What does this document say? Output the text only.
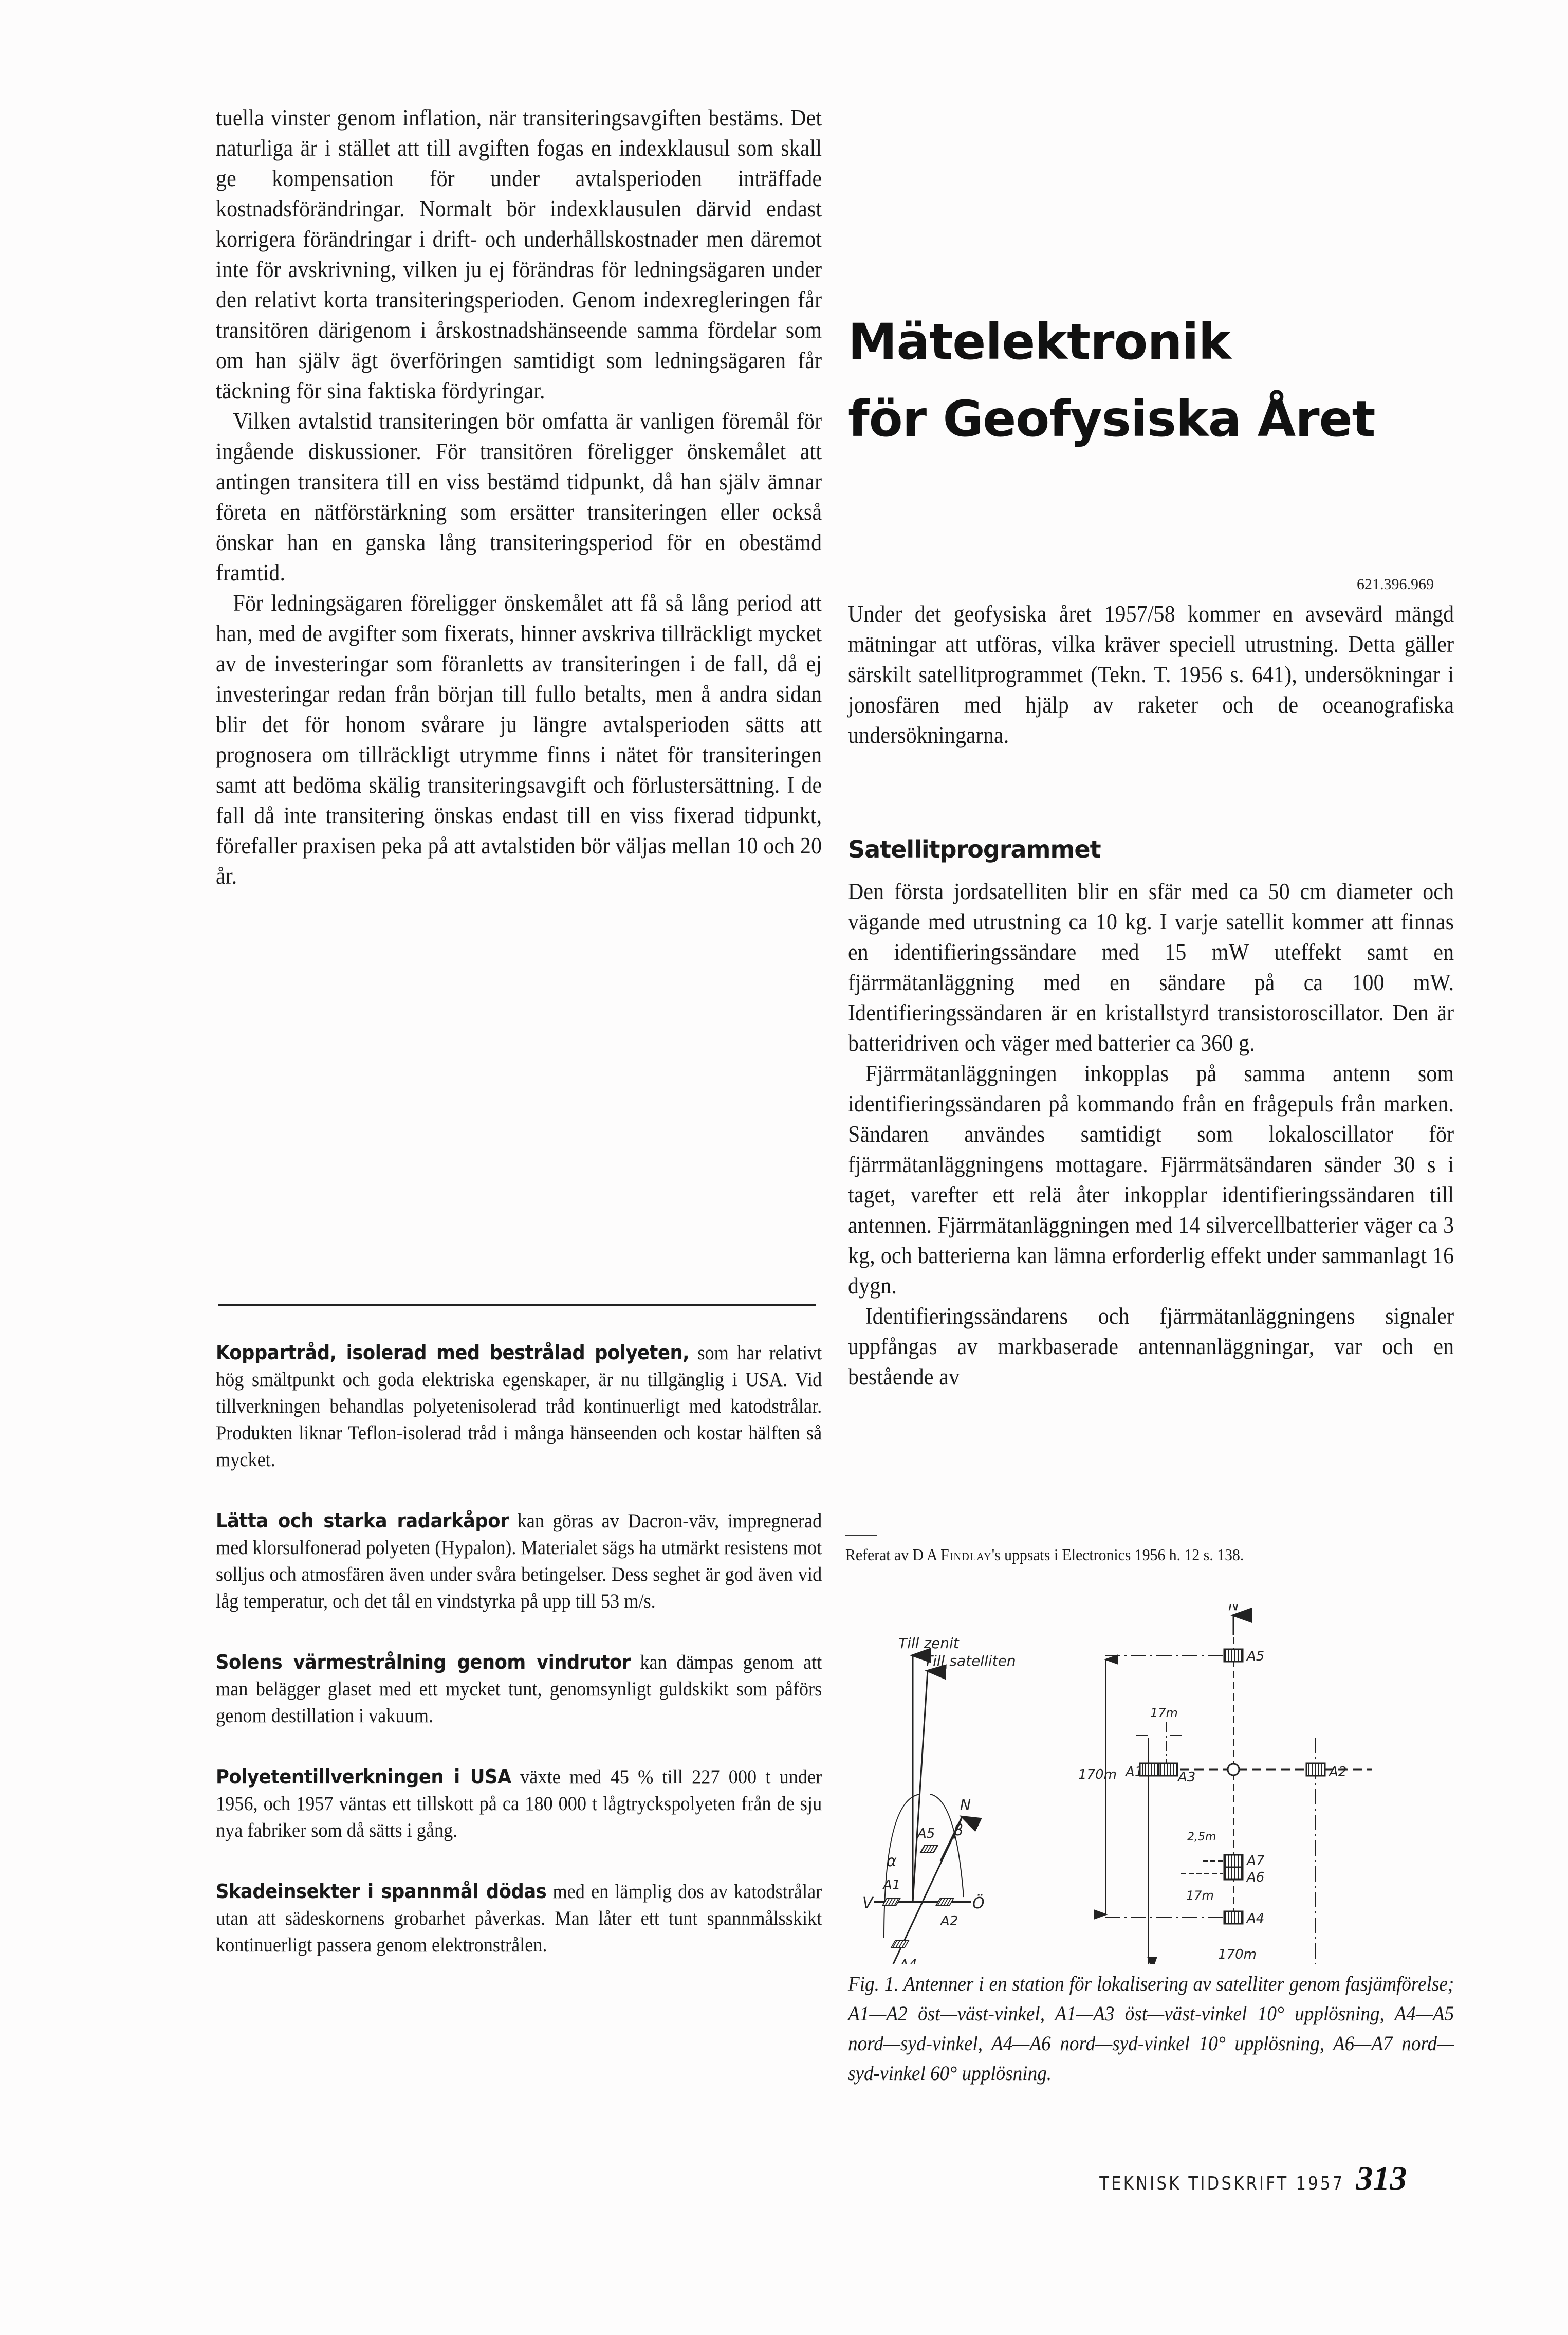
tuella vinster genom inflation, när transiteringsavgiften bestäms. Det naturliga är i stället att till avgiften fogas en indexklausul som skall ge kompensation för under avtalsperioden inträffade kostnadsförändringar. Normalt bör indexklausulen därvid endast korrigera förändringar i drift- och underhållskostnader men däremot inte för avskrivning, vilken ju ej förändras för ledningsägaren under den relativt korta transiteringsperioden. Genom indexregleringen får transitören därigenom i årskostnadshänseende samma fördelar som om han själv ägt överföringen samtidigt som ledningsägaren får täckning för sina faktiska fördyringar.

Vilken avtalstid transiteringen bör omfatta är vanligen föremål för ingående diskussioner. För transitören föreligger önskemålet att antingen transitera till en viss bestämd tidpunkt, då han själv ämnar företa en nätförstärkning som ersätter transiteringen eller också önskar han en ganska lång transiteringsperiod för en obestämd framtid.

För ledningsägaren föreligger önskemålet att få så lång period att han, med de avgifter som fixerats, hinner avskriva tillräckligt mycket av de investeringar som föranletts av transiteringen i de fall, då ej investeringar redan från början till fullo betalts, men å andra sidan blir det för honom svårare ju längre avtalsperioden sätts att prognosera om tillräckligt utrymme finns i nätet för transiteringen samt att bedöma skälig transiteringsavgift och förlustersättning. I de fall då inte transitering önskas endast till en viss fixerad tidpunkt, förefaller praxisen peka på att avtalstiden bör väljas mellan 10 och 20 år.

Koppartråd, isolerad med bestrålad polyeten, som har relativt hög smältpunkt och goda elektriska egenskaper, är nu tillgänglig i USA. Vid tillverkningen behandlas polyetenisolerad tråd kontinuerligt med katodstrålar. Produkten liknar Teflon-isolerad tråd i många hänseenden och kostar hälften så mycket.

Lätta och starka radarkåpor kan göras av Dacron-väv, impregnerad med klorsulfonerad polyeten (Hypalon). Materialet sägs ha utmärkt resistens mot solljus och atmosfären även under svåra betingelser. Dess seghet är god även vid låg temperatur, och det tål en vindstyrka på upp till 53 m/s.

Solens värmestrålning genom vindrutor kan dämpas genom att man belägger glaset med ett mycket tunt, genomsynligt guldskikt som påförs genom destillation i vakuum.

Polyetentillverkningen i USA växte med 45 % till 227 000 t under 1956, och 1957 väntas ett tillskott på ca 180 000 t lågtryckspolyeten från de sju nya fabriker som då sätts i gång.

Skadeinsekter i spannmål dödas med en lämplig dos av katodstrålar utan att sädeskornens grobarhet påverkas. Man låter ett tunt spannmålsskikt kontinuerligt passera genom elektronstrålen.

Mätelektronik
för Geofysiska Året
621.396.969

Under det geofysiska året 1957/58 kommer en avsevärd mängd mätningar att utföras, vilka kräver speciell utrustning. Detta gäller särskilt satellitprogrammet (Tekn. T. 1956 s. 641), undersökningar i jonosfären med hjälp av raketer och de oceanografiska undersökningarna.

Satellitprogrammet

Den första jordsatelliten blir en sfär med ca 50 cm diameter och vägande med utrustning ca 10 kg. I varje satellit kommer att finnas en identifieringssändare med 15 mW uteffekt samt en fjärrmätanläggning med en sändare på ca 100 mW. Identifieringssändaren är en kristallstyrd transistoroscillator. Den är batteridriven och väger med batterier ca 360 g.

Fjärrmätanläggningen inkopplas på samma antenn som identifieringssändaren på kommando från en frågepuls från marken. Sändaren användes samtidigt som lokaloscillator för fjärrmätanläggningens mottagare. Fjärrmätsändaren sänder 30 s i taget, varefter ett relä åter inkopplar identifieringssändaren till antennen. Fjärrmätanläggningen med 14 silvercellbatterier väger ca 3 kg, och batterierna kan lämna erforderlig effekt under sammanlagt 16 dygn.

Identifieringssändarens och fjärrmätanläggningens signaler uppfångas av markbaserade antennanläggningar, var och en bestående av

Referat av D A Findlay's uppsats i Electronics 1956 h. 12 s. 138.
Till zenit
Till satelliten
V	Ö
N
α
β
A1
A2
A5
N
170m
170m
17m
A1	A3	A2
A5
A7
A6
A4
2,5m
17m
Fig. 1. Antenner i en station för lokalisering av satelliter genom fasjämförelse; A1—A2 öst—väst-vinkel, A1—A3 öst—väst-vinkel 10° upplösning, A4—A5 nord—syd-vinkel, A4—A6 nord—syd-vinkel 10° upplösning, A6—A7 nord—syd-vinkel 60° upplösning.
TEKNISK TIDSKRIFT 1957 313
